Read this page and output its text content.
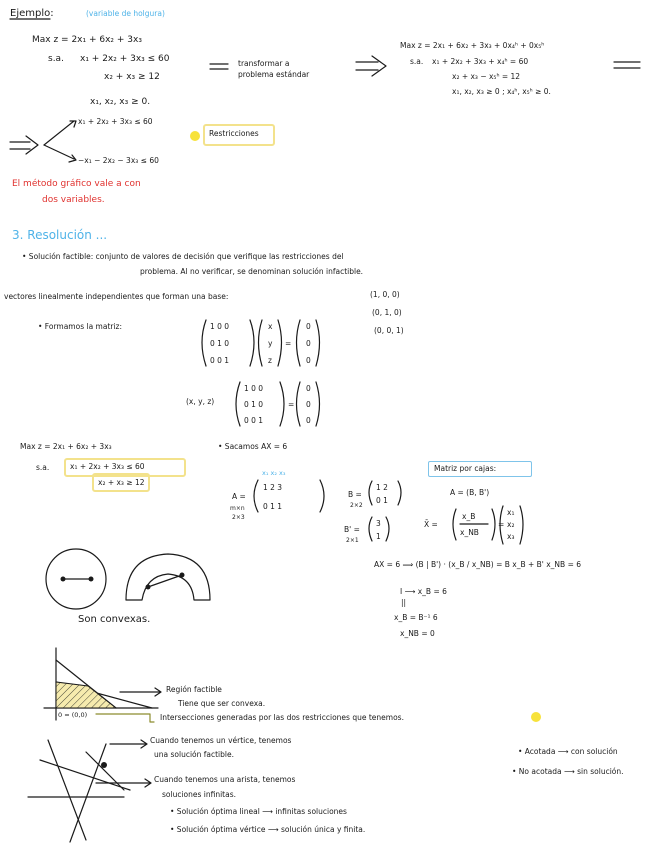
Ejemplo:	(variable de holgura)
Max z = 2x₁ + 6x₂ + 3x₃
s.a. x₁ + 2x₂ + 3x₃ ≤ 60
x₂ + x₃ ≥ 12
x₁, x₂, x₃ ≥ 0.
transformar a
problema estándar
Max z = 2x₁ + 6x₂ + 3x₃ + 0x₄ʰ + 0x₅ʰ
s.a. x₁ + 2x₂ + 3x₃ + x₄ʰ = 60
x₂ + x₃ − x₅ʰ = 12
x₁, x₂, x₃ ≥ 0 ; x₄ʰ, x₅ʰ ≥ 0.
x₁ + 2x₂ + 3x₃ ≤ 60
−x₁ − 2x₂ − 3x₃ ≤ 60
Restricciones
El método gráfico vale a con
dos variables.
3. Resolución ...
• Solución factible: conjunto de valores de decisión que verifique las restricciones del
problema. Al no verificar, se denominan solución infactible.
vectores linealmente independientes que forman una base:	(1, 0, 0)
(0, 1, 0)
(0, 0, 1)
• Formamos la matriz:	1 0 0
0 1 0
0 0 1
x
y
z
=
0
0
0
(x, y, z)
1 0 0
0 1 0
0 0 1
=
0
0
0
Max z = 2x₁ + 6x₂ + 3x₃
s.a.	x₁ + 2x₂ + 3x₃ ≤ 60
x₂ + x₃ ≥ 12
• Sacamos AX = 6
x₁ x₂ x₃
A =
m×n
2×3
1 2 3
0 1 1
B =
2×2
1 2
0 1
B' =
2×1
3
1
Matriz por cajas:
A = (B, B')
X̄ =
x_B
x_NB
=
x₁
x₂
x₃
AX = 6 ⟹ (B | B') · (x_B / x_NB) = B x_B + B' x_NB = 6
I ⟶ x_B = 6
||
x_B = B⁻¹ 6
x_NB = 0
Son convexas.
0 = (0,0)
Región factible
Tiene que ser convexa.
Intersecciones generadas por las dos restricciones que tenemos.
Cuando tenemos un vértice, tenemos
una solución factible.
Cuando tenemos una arista, tenemos
soluciones infinitas.
• Solución óptima lineal ⟶ infinitas soluciones
• Solución óptima vértice ⟶ solución única y finita.
• Acotada ⟶ con solución
• No acotada ⟶ sin solución.
